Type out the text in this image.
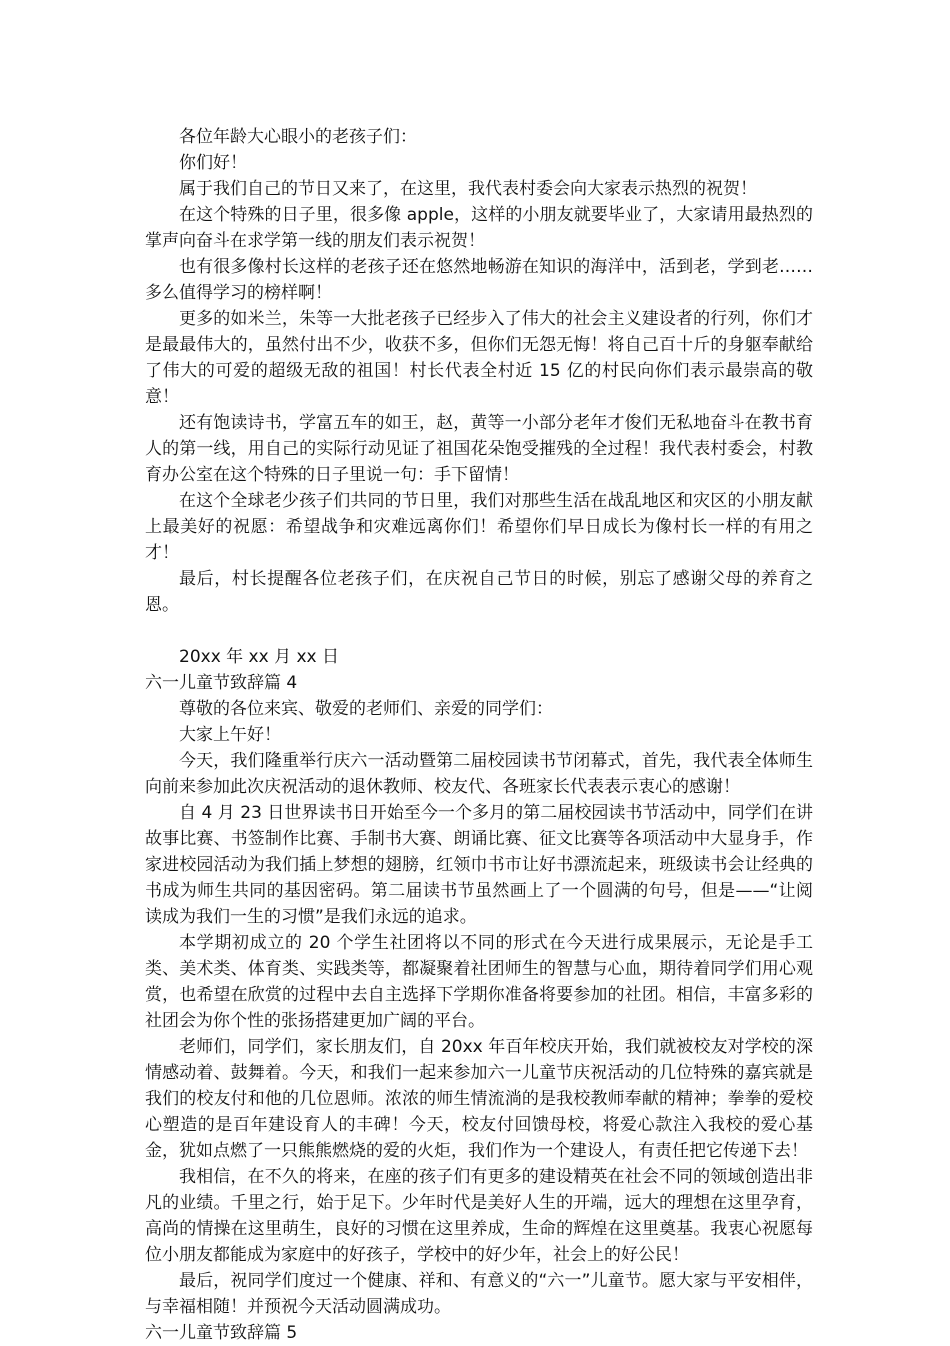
各位年龄大心眼小的老孩子们：

你们好！

属于我们自己的节日又来了，在这里，我代表村委会向大家表示热烈的祝贺！

在这个特殊的日子里，很多像 apple，这样的小朋友就要毕业了，大家请用最热烈的掌声向奋斗在求学第一线的朋友们表示祝贺！

也有很多像村长这样的老孩子还在悠然地畅游在知识的海洋中，活到老，学到老……多么值得学习的榜样啊！

更多的如米兰，朱等一大批老孩子已经步入了伟大的社会主义建设者的行列，你们才是最最伟大的，虽然付出不少，收获不多，但你们无怨无悔！将自己百十斤的身躯奉献给了伟大的可爱的超级无敌的祖国！村长代表全村近 15 亿的村民向你们表示最崇高的敬意！

还有饱读诗书，学富五车的如王，赵，黄等一小部分老年才俊们无私地奋斗在教书育人的第一线，用自己的实际行动见证了祖国花朵饱受摧残的全过程！我代表村委会，村教育办公室在这个特殊的日子里说一句：手下留情！

在这个全球老少孩子们共同的节日里，我们对那些生活在战乱地区和灾区的小朋友献上最美好的祝愿：希望战争和灾难远离你们！希望你们早日成长为像村长一样的有用之才！

最后，村长提醒各位老孩子们，在庆祝自己节日的时候，别忘了感谢父母的养育之恩。

20xx 年 xx 月 xx 日

六一儿童节致辞篇 4

尊敬的各位来宾、敬爱的老师们、亲爱的同学们：

大家上午好！

今天，我们隆重举行庆六一活动暨第二届校园读书节闭幕式，首先，我代表全体师生向前来参加此次庆祝活动的退休教师、校友代、各班家长代表表示衷心的感谢！

自 4 月 23 日世界读书日开始至今一个多月的第二届校园读书节活动中，同学们在讲故事比赛、书签制作比赛、手制书大赛、朗诵比赛、征文比赛等各项活动中大显身手，作家进校园活动为我们插上梦想的翅膀，红领巾书市让好书漂流起来，班级读书会让经典的书成为师生共同的基因密码。第二届读书节虽然画上了一个圆满的句号，但是——“让阅读成为我们一生的习惯”是我们永远的追求。

本学期初成立的 20 个学生社团将以不同的形式在今天进行成果展示，无论是手工类、美术类、体育类、实践类等，都凝聚着社团师生的智慧与心血，期待着同学们用心观赏，也希望在欣赏的过程中去自主选择下学期你准备将要参加的社团。相信，丰富多彩的社团会为你个性的张扬搭建更加广阔的平台。

老师们，同学们，家长朋友们，自 20xx 年百年校庆开始，我们就被校友对学校的深情感动着、鼓舞着。今天，和我们一起来参加六一儿童节庆祝活动的几位特殊的嘉宾就是我们的校友付和他的几位恩师。浓浓的师生情流淌的是我校教师奉献的精神；拳拳的爱校心塑造的是百年建设育人的丰碑！今天，校友付回馈母校，将爱心款注入我校的爱心基金，犹如点燃了一只熊熊燃烧的爱的火炬，我们作为一个建设人，有责任把它传递下去！

我相信，在不久的将来，在座的孩子们有更多的建设精英在社会不同的领域创造出非凡的业绩。千里之行，始于足下。少年时代是美好人生的开端，远大的理想在这里孕育，高尚的情操在这里萌生，良好的习惯在这里养成，生命的辉煌在这里奠基。我衷心祝愿每位小朋友都能成为家庭中的好孩子，学校中的好少年，社会上的好公民！

最后，祝同学们度过一个健康、祥和、有意义的“六一”儿童节。愿大家与平安相伴，与幸福相随！并预祝今天活动圆满成功。

六一儿童节致辞篇 5
